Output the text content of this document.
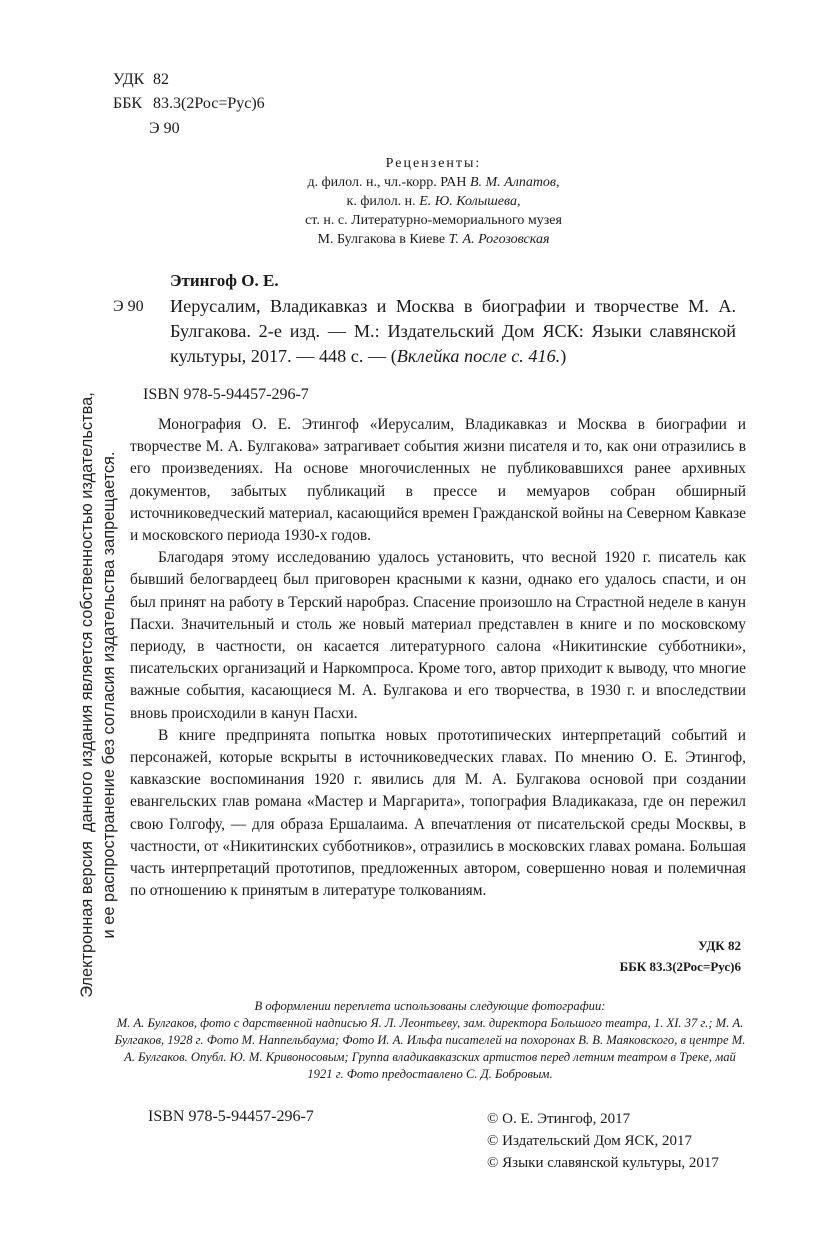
УДК 82
ББК 83.3(2Рос=Рус)6
Э 90
Рецензенты:
д. филол. н., чл.-корр. РАН В. М. Алпатов,
к. филол. н. Е. Ю. Колышева,
ст. н. с. Литературно-мемориального музея
М. Булгакова в Киеве Т. А. Рогозовская
Этингоф О. Е.
Э 90 Иерусалим, Владикавказ и Москва в биографии и творчестве М. А. Булгакова. 2-е изд. — М.: Издательский Дом ЯСК: Языки славянской культуры, 2017. — 448 с. — (Вклейка после с. 416.)
ISBN 978-5-94457-296-7

Монография О. Е. Этингоф «Иерусалим, Владикавказ и Москва в биографии и творчестве М. А. Булгакова» затрагивает события жизни писателя и то, как они отразились в его произведениях. На основе многочисленных не публиковавшихся ранее архивных документов, забытых публикаций в прессе и мемуаров собран обширный источниковедческий материал, касающийся времен Гражданской войны на Северном Кавказе и московского периода 1930-х годов.

Благодаря этому исследованию удалось установить, что весной 1920 г. писатель как бывший белогвардеец был приговорен красными к казни, однако его удалось спасти, и он был принят на работу в Терский наробраз. Спасение произошло на Страстной неделе в канун Пасхи. Значительный и столь же новый материал представлен в книге и по московскому периоду, в частности, он касается литературного салона «Никитинские субботники», писательских организаций и Наркомпроса. Кроме того, автор приходит к выводу, что многие важные события, касающиеся М. А. Булгакова и его творчества, в 1930 г. и впоследствии вновь происходили в канун Пасхи.

В книге предпринята попытка новых прототипических интерпретаций событий и персонажей, которые вскрыты в источниковедческих главах. По мнению О. Е. Этингоф, кавказские воспоминания 1920 г. явились для М. А. Булгакова основой при создании евангельских глав романа «Мастер и Маргарита», топография Владикаказа, где он пережил свою Голгофу, — для образа Ершалаима. А впечатления от писательской среды Москвы, в частности, от «Никитинских субботников», отразились в московских главах романа. Большая часть интерпретаций прототипов, предложенных автором, совершенно новая и полемичная по отношению к принятым в литературе толкованиям.

УДК 82
ББК 83.3(2Рос=Рус)6
В оформлении переплета использованы следующие фотографии:
М. А. Булгаков, фото с дарственной надписью Я. Л. Леонтьеву, зам. директора Большого театра, 1. XI. 37 г.; М. А. Булгаков, 1928 г. Фото М. Наппельбаума; Фото И. А. Ильфа писателей на похоронах В. В. Маяковского, в центре М. А. Булгаков. Опубл. Ю. М. Кривоносовым; Группа владикавказских артистов перед летним театром в Треке, май 1921 г. Фото предоставлено С. Д. Бобровым.
ISBN 978-5-94457-296-7	© О. Е. Этингоф, 2017
© Издательский Дом ЯСК, 2017
© Языки славянской культуры, 2017
Электронная версия  данного издания является собственностью издательства, и ее распространение без согласия издательства запрещается.
